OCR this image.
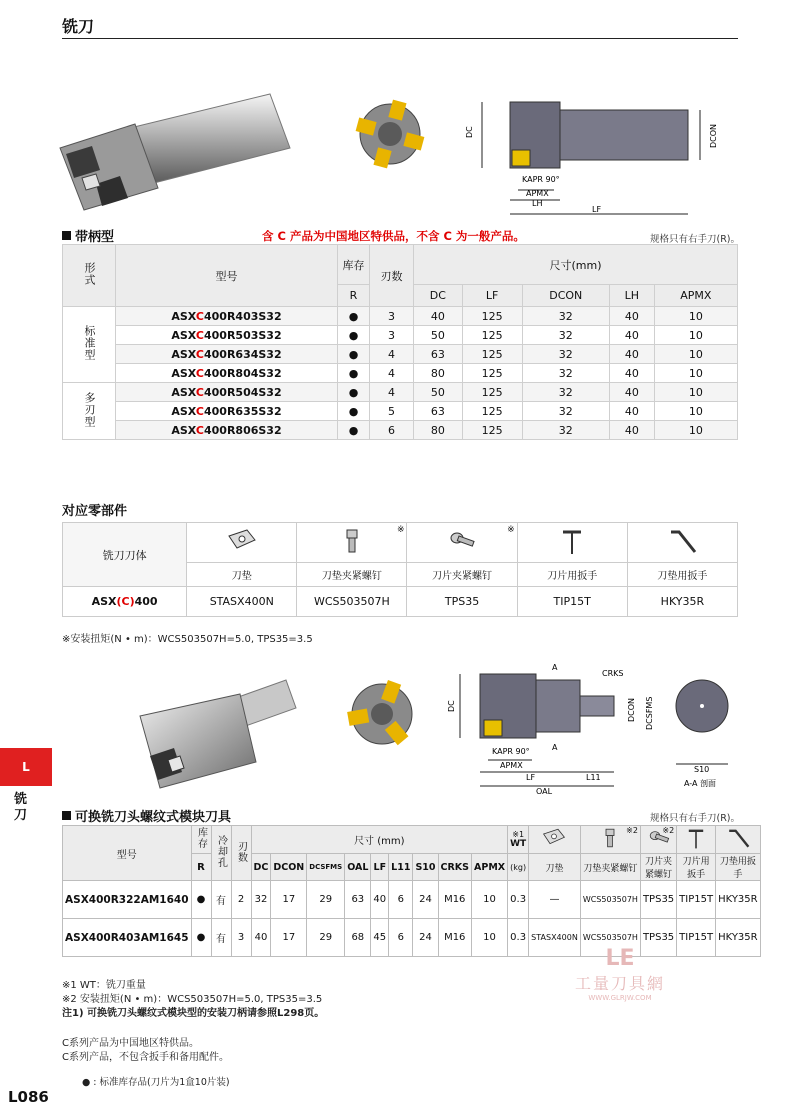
铣刀
DC	DCON
KAPR 90°
APMX
LH
LF
带柄型	含 C 产品为中国地区特供品，不含 C 为一般产品。	规格只有右手刀(R)。
形式	型号	库存	刃数	尺寸(mm)				
		R		DC	LF	DCON	LH	APMX
标准型	ASXC400R403S32	●	3	40	125	32	40	10
	ASXC400R503S32	●	3	50	125	32	40	10
	ASXC400R634S32	●	4	63	125	32	40	10
	ASXC400R804S32	●	4	80	125	32	40	10
多刃型	ASXC400R504S32	●	4	50	125	32	40	10
	ASXC400R635S32	●	5	63	125	32	40	10
	ASXC400R806S32	●	6	80	125	32	40	10
对应零部件
铣刀刀体		※	※

	刀垫	刀垫夹紧螺钉	刀片夹紧螺钉	刀片用扳手	刀垫用扳手
ASX(C)400	STASX400N	WCS503507H	TPS35	TIP15T	HKY35R
※安装扭矩(N • m)：WCS503507H=5.0, TPS35=3.5
A
CRKS
DC	DCON DCSFMS
A
KAPR 90°
APMX
LF	L11
OAL
S10
A-A 剖面
L
铣刀	可换铣刀头螺纹式模块刀具	规格只有右手刀(R)。
型号	库存	冷却孔	刃数	尺寸 (mm)									※1
WT		※2	※2

	R			DC	DCON	DCSFMS	OAL	LF	L11	S10	CRKS	APMX	(kg)	刀垫	刀垫夹紧螺钉	刀片夹紧螺钉	刀片用扳手	刀垫用扳手
ASX400R322AM1640	●	有	2	32	17	29	63	40	6	24	M16	10	0.3	—	WCS503507H	TPS35	TIP15T	HKY35R
ASX400R403AM1645	●	有	3	40	17	29	68	45	6	24	M16	10	0.3	STASX400N	WCS503507H	TPS35	TIP15T	HKY35R
※1 WT：铣刀重量
※2 安装扭矩(N • m)：WCS503507H=5.0, TPS35=3.5
注1) 可换铣刀头螺纹式模块型的安装刀柄请参照L298页。
C系列产品为中国地区特供品。
C系列产品，不包含扳手和备用配件。
● : 标准库存品(刀片为1盒10片装)
LE
工量刀具網
WWW.GLRJW.COM
L086
